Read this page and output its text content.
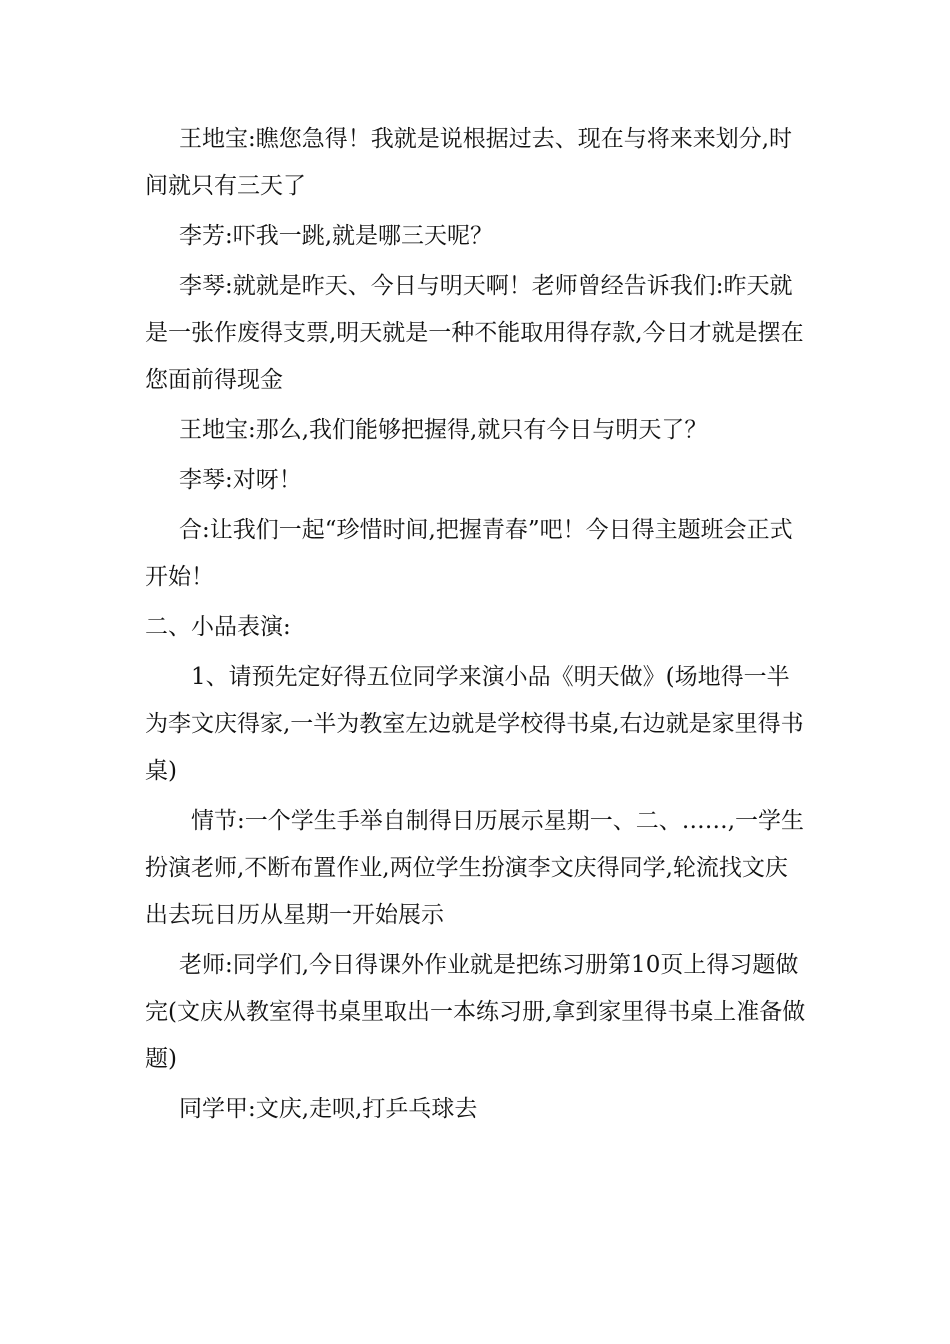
王地宝:瞧您急得！我就是说根据过去、现在与将来来划分,时间就只有三天了

李芳:吓我一跳,就是哪三天呢？

李琴:就就是昨天、今日与明天啊！老师曾经告诉我们:昨天就是一张作废得支票,明天就是一种不能取用得存款,今日才就是摆在您面前得现金

王地宝:那么,我们能够把握得,就只有今日与明天了？

李琴:对呀！

合:让我们一起“珍惜时间,把握青春”吧！今日得主题班会正式开始！

二、小品表演:

1、请预先定好得五位同学来演小品《明天做》(场地得一半为李文庆得家,一半为教室左边就是学校得书桌,右边就是家里得书桌)

情节:一个学生手举自制得日历展示星期一、二、……,一学生扮演老师,不断布置作业,两位学生扮演李文庆得同学,轮流找文庆出去玩日历从星期一开始展示

老师:同学们,今日得课外作业就是把练习册第10页上得习题做完(文庆从教室得书桌里取出一本练习册,拿到家里得书桌上准备做题)

同学甲:文庆,走呗,打乒乓球去
